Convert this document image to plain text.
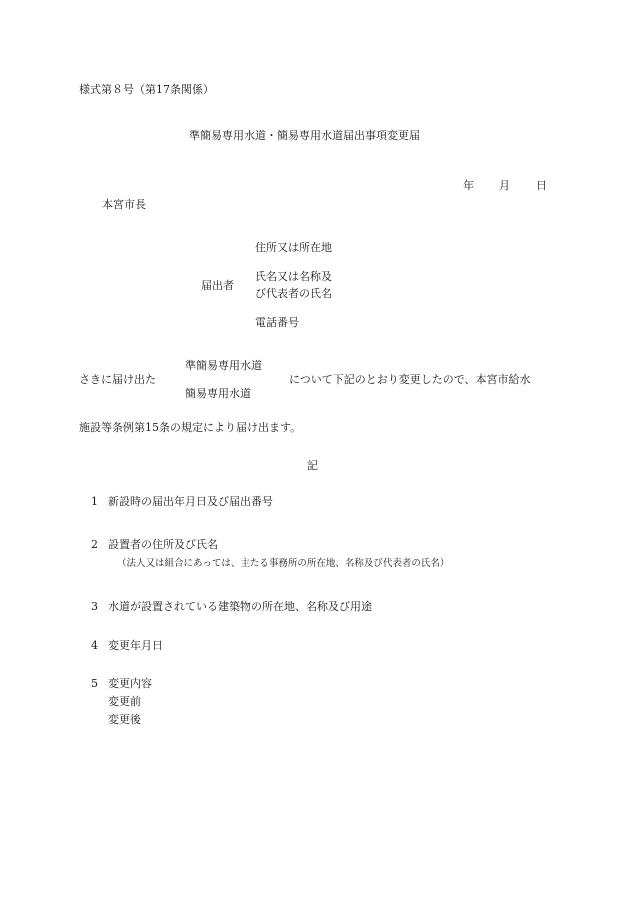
様式第８号（第17条関係）
準簡易専用水道・簡易専用水道届出事項変更届
年 月 日
本宮市長
届出者
住所又は所在地
氏名又は名称及
び代表者の氏名
電話番号
さきに届け出た
準簡易専用水道
簡易専用水道
について下記のとおり変更したので、本宮市給水
施設等条例第15条の規定により届け出ます。
記
1 新設時の届出年月日及び届出番号
2 設置者の住所及び氏名
（法人又は組合にあっては、主たる事務所の所在地、名称及び代表者の氏名）
3 水道が設置されている建築物の所在地、名称及び用途
4 変更年月日
5 変更内容
変更前
変更後
